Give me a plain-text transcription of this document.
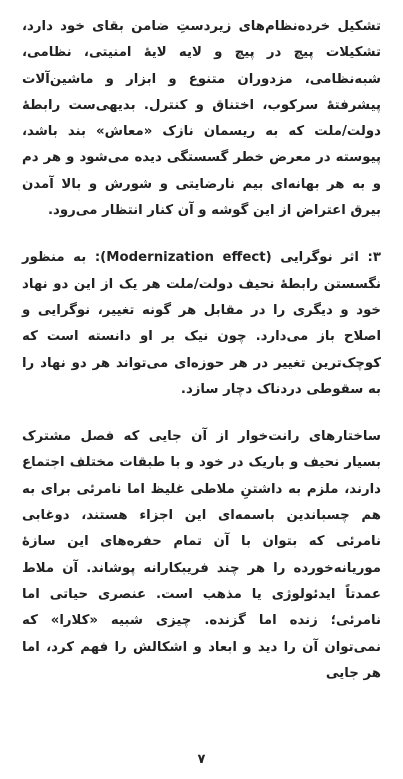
تشکیل خرده‌نظام‌های زیردستِ ضامن بقای خود دارد، تشکیلات پیچ در پیچ و لایه لایهٔ امنیتی، نظامی، شبه‌نظامی، مزدوران متنوع و ابزار و ماشین‌آلات پیشرفتهٔ سرکوب، اختناق و کنترل. بدیهی‌ست رابطهٔ دولت/ملت که به ریسمان نازک «معاش» بند باشد، پیوسته در معرض خطر گسستگی دیده می‌شود و هر دم و به هر بهانه‌ای بیم نارضایتی و شورش و بالا آمدن بیرق اعتراض از این گوشه و آن کنار انتظار می‌رود.

۳: اثر نوگرایی (Modernization effect): به منظور نگسستن رابطهٔ نحیف دولت/ملت هر یک از این دو نهاد خود و دیگری را در مقابل هر گونه تغییر، نوگرایی و اصلاح باز می‌دارد. چون نیک بر او دانسته است که کوچک‌ترین تغییر در هر حوزه‌ای می‌تواند هر دو نهاد را به سقوطی دردناک دچار سازد.

ساختارهای رانت‌خوار از آن جایی که فصل مشترک بسیار نحیف و باریک در خود و با طبقات مختلف اجتماع دارند، ملزم به داشتنِ ملاطی غلیظ اما نامرئی برای به هم چسباندین باسمه‌ای این اجزاء هستند، دوغابی نامرئی که بتوان با آن تمام حفره‌های این سازهٔ موریانه‌خورده را هر چند فریبکارانه پوشاند. آن ملاط عمدتاً ایدئولوژی یا مذهب است. عنصری حیاتی اما نامرئی؛ زنده اما گزنده. چیزی شبیه «کلارا» که نمی‌توان آن را دید و ابعاد و اشکالش را فهم کرد، اما هر جایی

۷
